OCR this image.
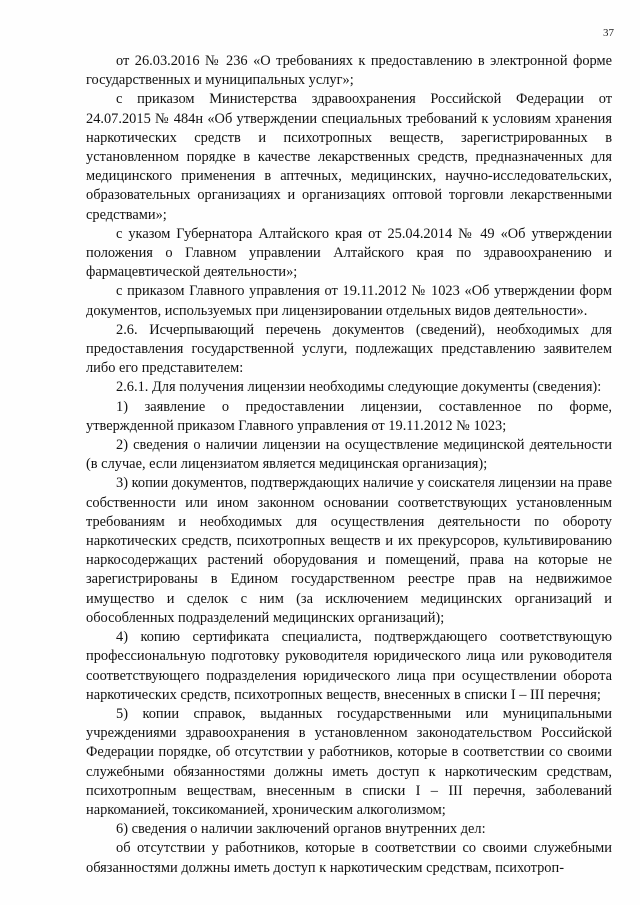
37

от 26.03.2016 № 236 «О требованиях к предоставлению в электронной форме государственных и муниципальных услуг»;

с приказом Министерства здравоохранения Российской Федерации от 24.07.2015 № 484н «Об утверждении специальных требований к условиям хранения наркотических средств и психотропных веществ, зарегистрированных в установленном порядке в качестве лекарственных средств, предназначенных для медицинского применения в аптечных, медицинских, научно-исследовательских, образовательных организациях и организациях оптовой торговли лекарственными средствами»;

с указом Губернатора Алтайского края от 25.04.2014 № 49 «Об утверждении положения о Главном управлении Алтайского края по здравоохранению и фармацевтической деятельности»;

с приказом Главного управления от 19.11.2012 № 1023 «Об утверждении форм документов, используемых при лицензировании отдельных видов деятельности».

2.6. Исчерпывающий перечень документов (сведений), необходимых для предоставления государственной услуги, подлежащих представлению заявителем либо его представителем:

2.6.1. Для получения лицензии необходимы следующие документы (сведения):

1) заявление о предоставлении лицензии, составленное по форме, утвержденной приказом Главного управления от 19.11.2012 № 1023;

2) сведения о наличии лицензии на осуществление медицинской деятельности (в случае, если лицензиатом является медицинская организация);

3) копии документов, подтверждающих наличие у соискателя лицензии на праве собственности или ином законном основании соответствующих установленным требованиям и необходимых для осуществления деятельности по обороту наркотических средств, психотропных веществ и их прекурсоров, культивированию наркосодержащих растений оборудования и помещений, права на которые не зарегистрированы в Едином государственном реестре прав на недвижимое имущество и сделок с ним (за исключением медицинских организаций и обособленных подразделений медицинских организаций);

4) копию сертификата специалиста, подтверждающего соответствующую профессиональную подготовку руководителя юридического лица или руководителя соответствующего подразделения юридического лица при осуществлении оборота наркотических средств, психотропных веществ, внесенных в списки I – III перечня;

5) копии справок, выданных государственными или муниципальными учреждениями здравоохранения в установленном законодательством Российской Федерации порядке, об отсутствии у работников, которые в соответствии со своими служебными обязанностями должны иметь доступ к наркотическим средствам, психотропным веществам, внесенным в списки I – III перечня, заболеваний наркоманией, токсикоманией, хроническим алкоголизмом;

6) сведения о наличии заключений органов внутренних дел:

об отсутствии у работников, которые в соответствии со своими служебными обязанностями должны иметь доступ к наркотическим средствам, психотроп-
